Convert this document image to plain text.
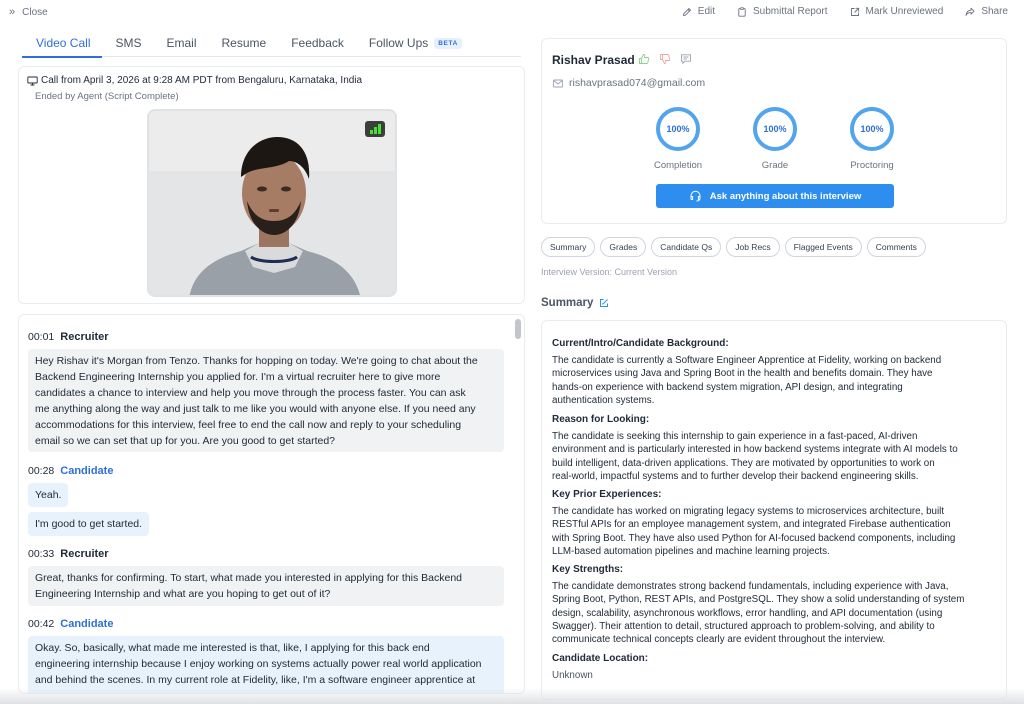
» Close	Edit	Submittal Report	Mark Unreviewed	Share
Video Call SMS Email Resume Feedback Follow Ups BETA
Call from April 3, 2026 at 9:28 AM PDT from Bengaluru, Karnataka, India
Ended by Agent (Script Complete)
00:01 Recruiter
Hey Rishav it's Morgan from Tenzo. Thanks for hopping on today. We're going to chat about the
Backend Engineering Internship you applied for. I'm a virtual recruiter here to give more
candidates a chance to interview and help you move through the process faster. You can ask
me anything along the way and just talk to me like you would with anyone else. If you need any
accommodations for this interview, feel free to end the call now and reply to your scheduling
email so we can set that up for you. Are you good to get started?
00:28 Candidate
Yeah.
I'm good to get started.
00:33 Recruiter
Great, thanks for confirming. To start, what made you interested in applying for this Backend
Engineering Internship and what are you hoping to get out of it?
00:42 Candidate
Okay. So, basically, what made me interested is that, like, I applying for this back end
engineering internship because I enjoy working on systems actually power real world application
and behind the scenes. In my current role at Fidelity, like, I'm a software engineer apprentice at
Rishav Prasad
rishavprasad074@gmail.com
100%
Completion
100%
Grade
100%
Proctoring
Ask anything about this interview
Summary	Grades	Candidate Qs	Job Recs	Flagged Events	Comments
Interview Version: Current Version
Summary
Current/Intro/Candidate Background:
The candidate is currently a Software Engineer Apprentice at Fidelity, working on backend
microservices using Java and Spring Boot in the health and benefits domain. They have
hands-on experience with backend system migration, API design, and integrating
authentication systems.
Reason for Looking:
The candidate is seeking this internship to gain experience in a fast-paced, AI-driven
environment and is particularly interested in how backend systems integrate with AI models to
build intelligent, data-driven applications. They are motivated by opportunities to work on
real-world, impactful systems and to further develop their backend engineering skills.
Key Prior Experiences:
The candidate has worked on migrating legacy systems to microservices architecture, built
RESTful APIs for an employee management system, and integrated Firebase authentication
with Spring Boot. They have also used Python for AI-focused backend components, including
LLM-based automation pipelines and machine learning projects.
Key Strengths:
The candidate demonstrates strong backend fundamentals, including experience with Java,
Spring Boot, Python, REST APIs, and PostgreSQL. They show a solid understanding of system
design, scalability, asynchronous workflows, error handling, and API documentation (using
Swagger). Their attention to detail, structured approach to problem-solving, and ability to
communicate technical concepts clearly are evident throughout the interview.
Candidate Location:
Unknown
